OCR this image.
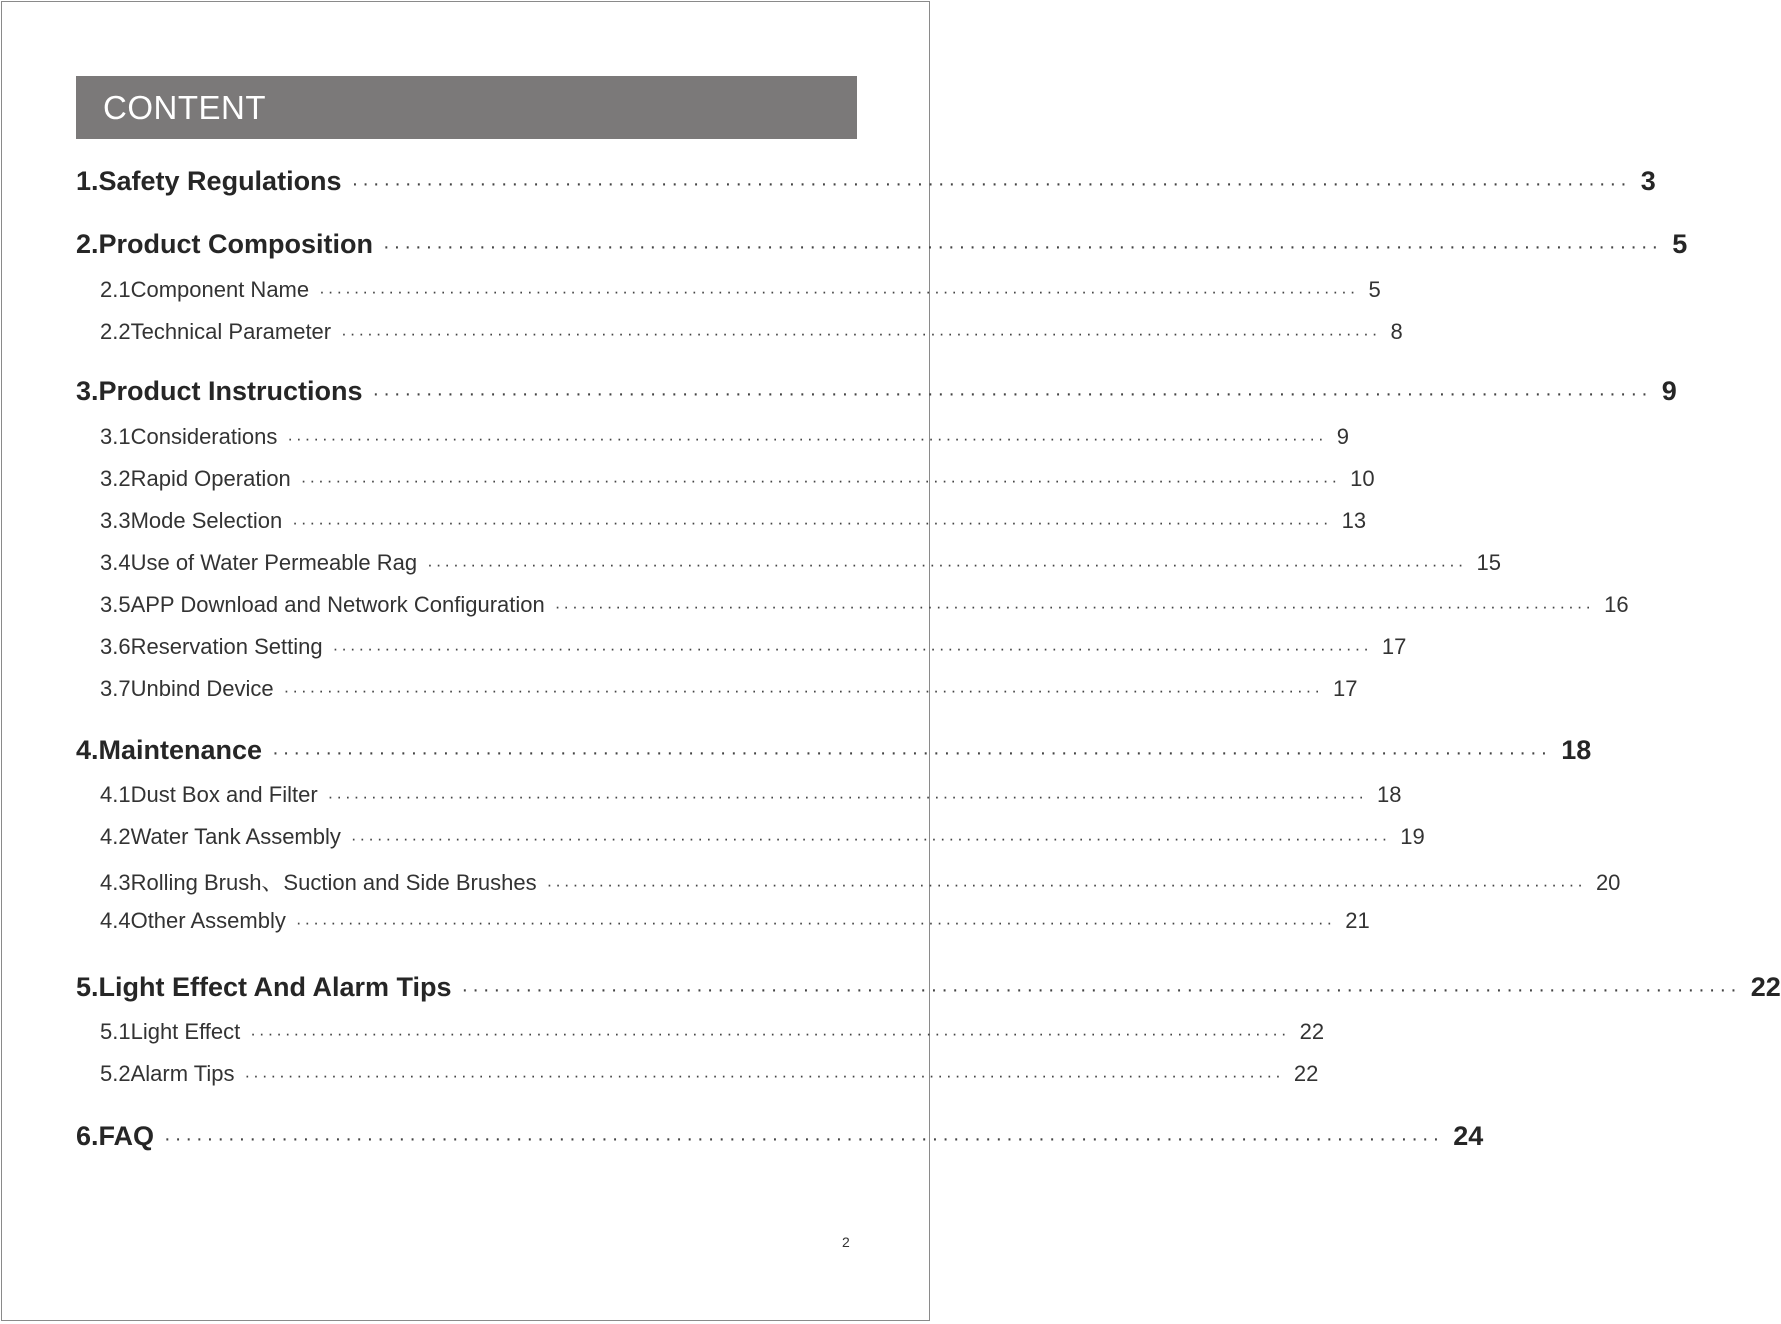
CONTENT
1.Safety Regulations ························································································································ 3
2.Product Composition ························································································································ 5
2.1Component Name ························································································································ 5
2.2Technical Parameter ························································································································ 8
3.Product Instructions ························································································································ 9
3.1Considerations ························································································································ 9
3.2Rapid Operation ························································································································ 10
3.3Mode Selection ························································································································ 13
3.4Use of Water Permeable Rag ························································································································ 15
3.5APP Download and Network Configuration ························································································································ 16
3.6Reservation Setting ························································································································ 17
3.7Unbind Device ························································································································ 17
4.Maintenance ························································································································ 18
4.1Dust Box and Filter ························································································································ 18
4.2Water Tank Assembly ························································································································ 19
4.3Rolling Brush、Suction and Side Brushes ························································································································ 20
4.4Other Assembly ························································································································ 21
5.Light Effect And Alarm Tips ························································································································ 22
5.1Light Effect ························································································································ 22
5.2Alarm Tips ························································································································ 22
6.FAQ ························································································································ 24
2
